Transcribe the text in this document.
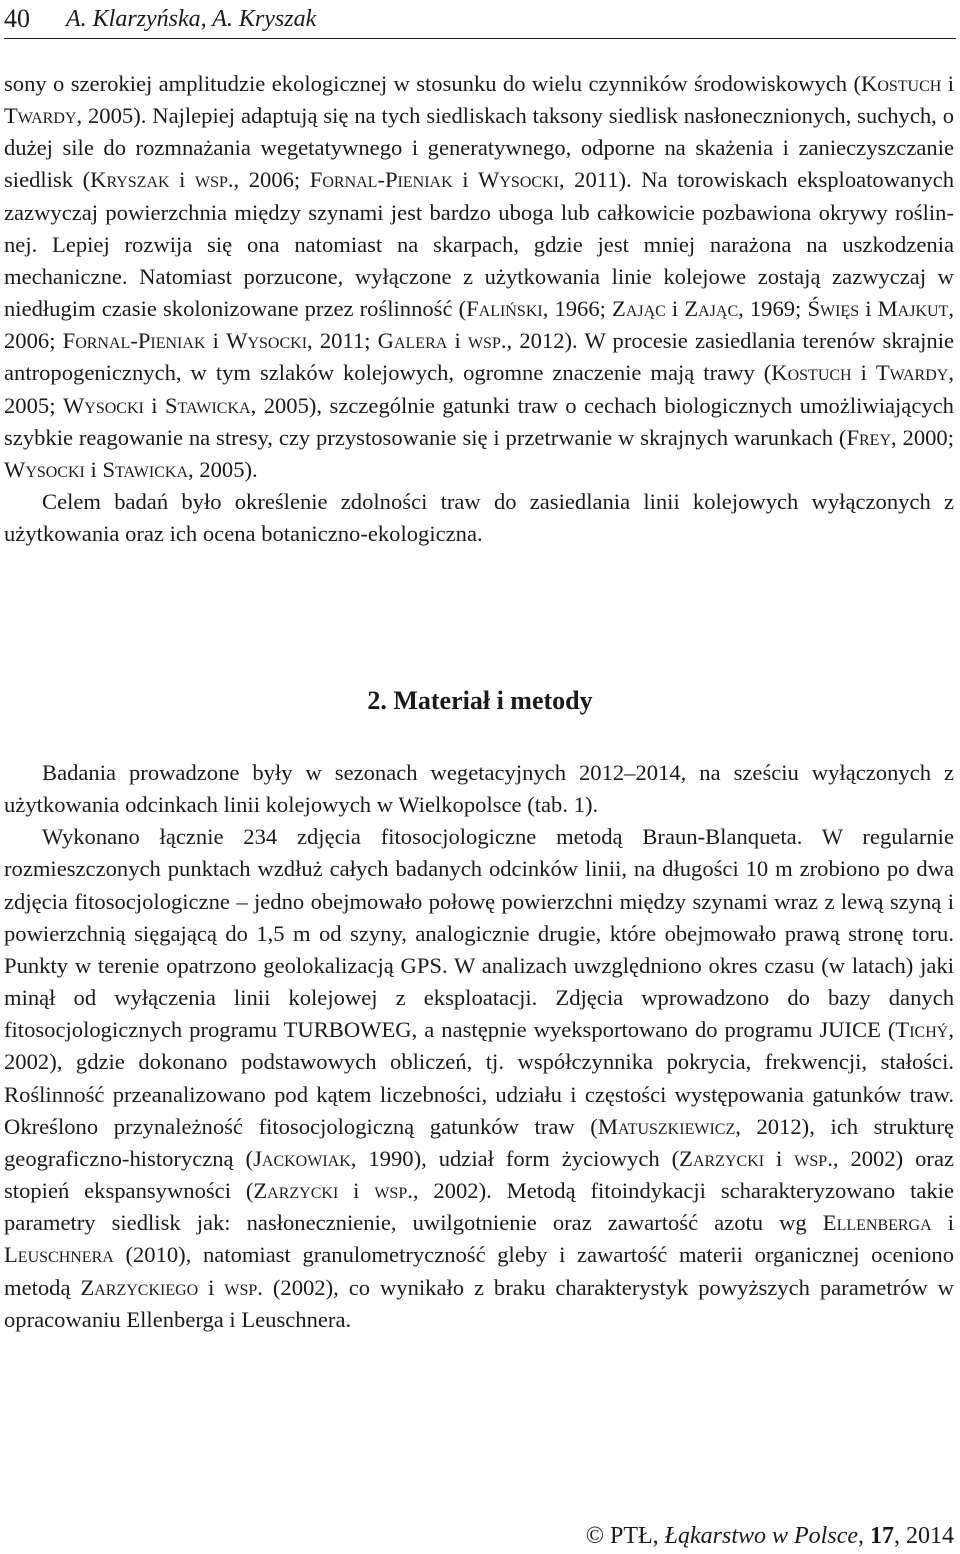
40 A. Klarzyńska, A. Kryszak

sony o szerokiej amplitudzie ekologicznej w stosunku do wielu czynników środowiskowych (Kostuch i Twardy, 2005). Najlepiej adaptują się na tych siedliskach taksony siedlisk nasłonecznionych, suchych, o dużej sile do rozmnażania wegetatywnego i generatywnego, odporne na skażenia i zanieczyszczanie siedlisk (Kryszak i wsp., 2006; Fornal-Pieniak i Wysocki, 2011). Na torowiskach eksploatowanych zazwyczaj powierzchnia między szynami jest bardzo uboga lub całkowicie pozbawiona okrywy roślinnej. Lepiej rozwija się ona natomiast na skarpach, gdzie jest mniej narażona na uszkodzenia mechaniczne. Natomiast porzucone, wyłączone z użytkowania linie kolejowe zostają zazwyczaj w niedługim czasie skolonizowane przez roślinność (Faliński, 1966; Zając i Zając, 1969; Święs i Majkut, 2006; Fornal-Pieniak i Wysocki, 2011; Galera i wsp., 2012). W procesie zasiedlania terenów skrajnie antropogenicznych, w tym szlaków kolejowych, ogromne znaczenie mają trawy (Kostuch i Twardy, 2005; Wysocki i Stawicka, 2005), szczególnie gatunki traw o cechach biologicznych umożliwiających szybkie reagowanie na stresy, czy przystosowanie się i przetrwanie w skrajnych warunkach (Frey, 2000; Wysocki i Stawicka, 2005).

Celem badań było określenie zdolności traw do zasiedlania linii kolejowych wyłączonych z użytkowania oraz ich ocena botaniczno-ekologiczna.

2. Materiał i metody

Badania prowadzone były w sezonach wegetacyjnych 2012–2014, na sześciu wyłączonych z użytkowania odcinkach linii kolejowych w Wielkopolsce (tab. 1).

Wykonano łącznie 234 zdjęcia fitosocjologiczne metodą Braun-Blanqueta. W regularnie rozmieszczonych punktach wzdłuż całych badanych odcinków linii, na długości 10 m zrobiono po dwa zdjęcia fitosocjologiczne – jedno obejmowało połowę powierzchni między szynami wraz z lewą szyną i powierzchnią sięgającą do 1,5 m od szyny, analogicznie drugie, które obejmowało prawą stronę toru. Punkty w terenie opatrzono geolokalizacją GPS. W analizach uwzględniono okres czasu (w latach) jaki minął od wyłączenia linii kolejowej z eksploatacji. Zdjęcia wprowadzono do bazy danych fitosocjologicznych programu TURBOWEG, a następnie wyeksportowano do programu JUICE (Tichý, 2002), gdzie dokonano podstawowych obliczeń, tj. współczynnika pokrycia, frekwencji, stałości. Roślinność przeanalizowano pod kątem liczebności, udziału i częstości występowania gatunków traw. Określono przynależność fitosocjologiczną gatunków traw (Matuszkiewicz, 2012), ich strukturę geograficzno-historyczną (Jackowiak, 1990), udział form życiowych (Zarzycki i wsp., 2002) oraz stopień ekspansywności (Zarzycki i wsp., 2002). Metodą fitoindykacji scharakteryzowano takie parametry siedlisk jak: nasłonecznienie, uwilgotnienie oraz zawartość azotu wg Ellenberga i Leuschnera (2010), natomiast granulometryczność gleby i zawartość materii organicznej oceniono metodą Zarzyckiego i wsp. (2002), co wynikało z braku charakterystyk powyższych parametrów w opracowaniu Ellenberga i Leuschnera.

© PTŁ, Łąkarstwo w Polsce, 17, 2014
